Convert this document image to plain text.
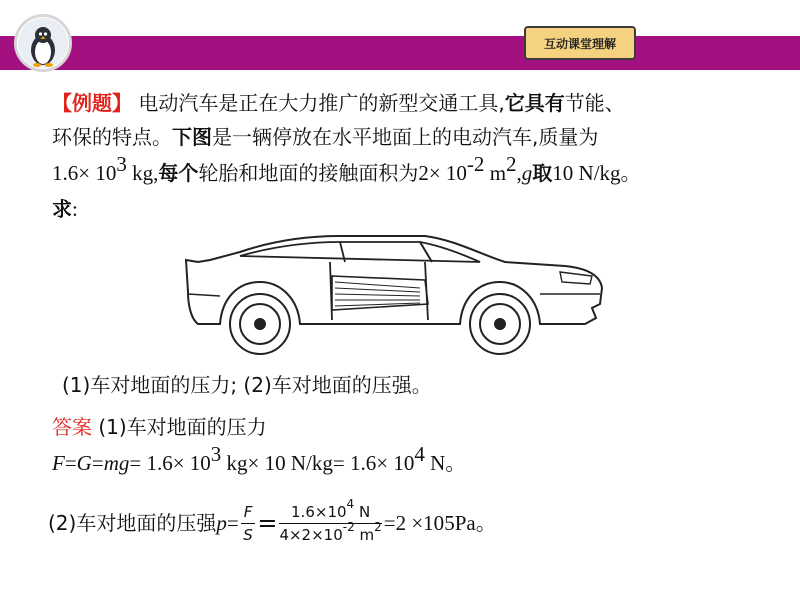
互动课堂理解
【例题】 电动汽车是正在大力推广的新型交通工具,它具有节能、
环保的特点。下图是一辆停放在水平地面上的电动汽车,质量为
$1.6\times 10^3$ kg,每个轮胎和地面的接触面积为$2\times 10^{-2}$ $m^2,g$取10 N/kg。
求:
(1)车对地面的压力; (2)车对地面的压强。
答案 (1)车对地面的压力
$F=G=mg= 1.6\times 10^3$ kg× 10 $N/kg= 1.6\times 10^4$ N。
(2)车对地面的压强 $p = \frac{F}{S} = \frac{1.6\times 10^4 N}{4\times 2\times 10^{-2} m^2} =2 \times 10$ 5 Pa。
